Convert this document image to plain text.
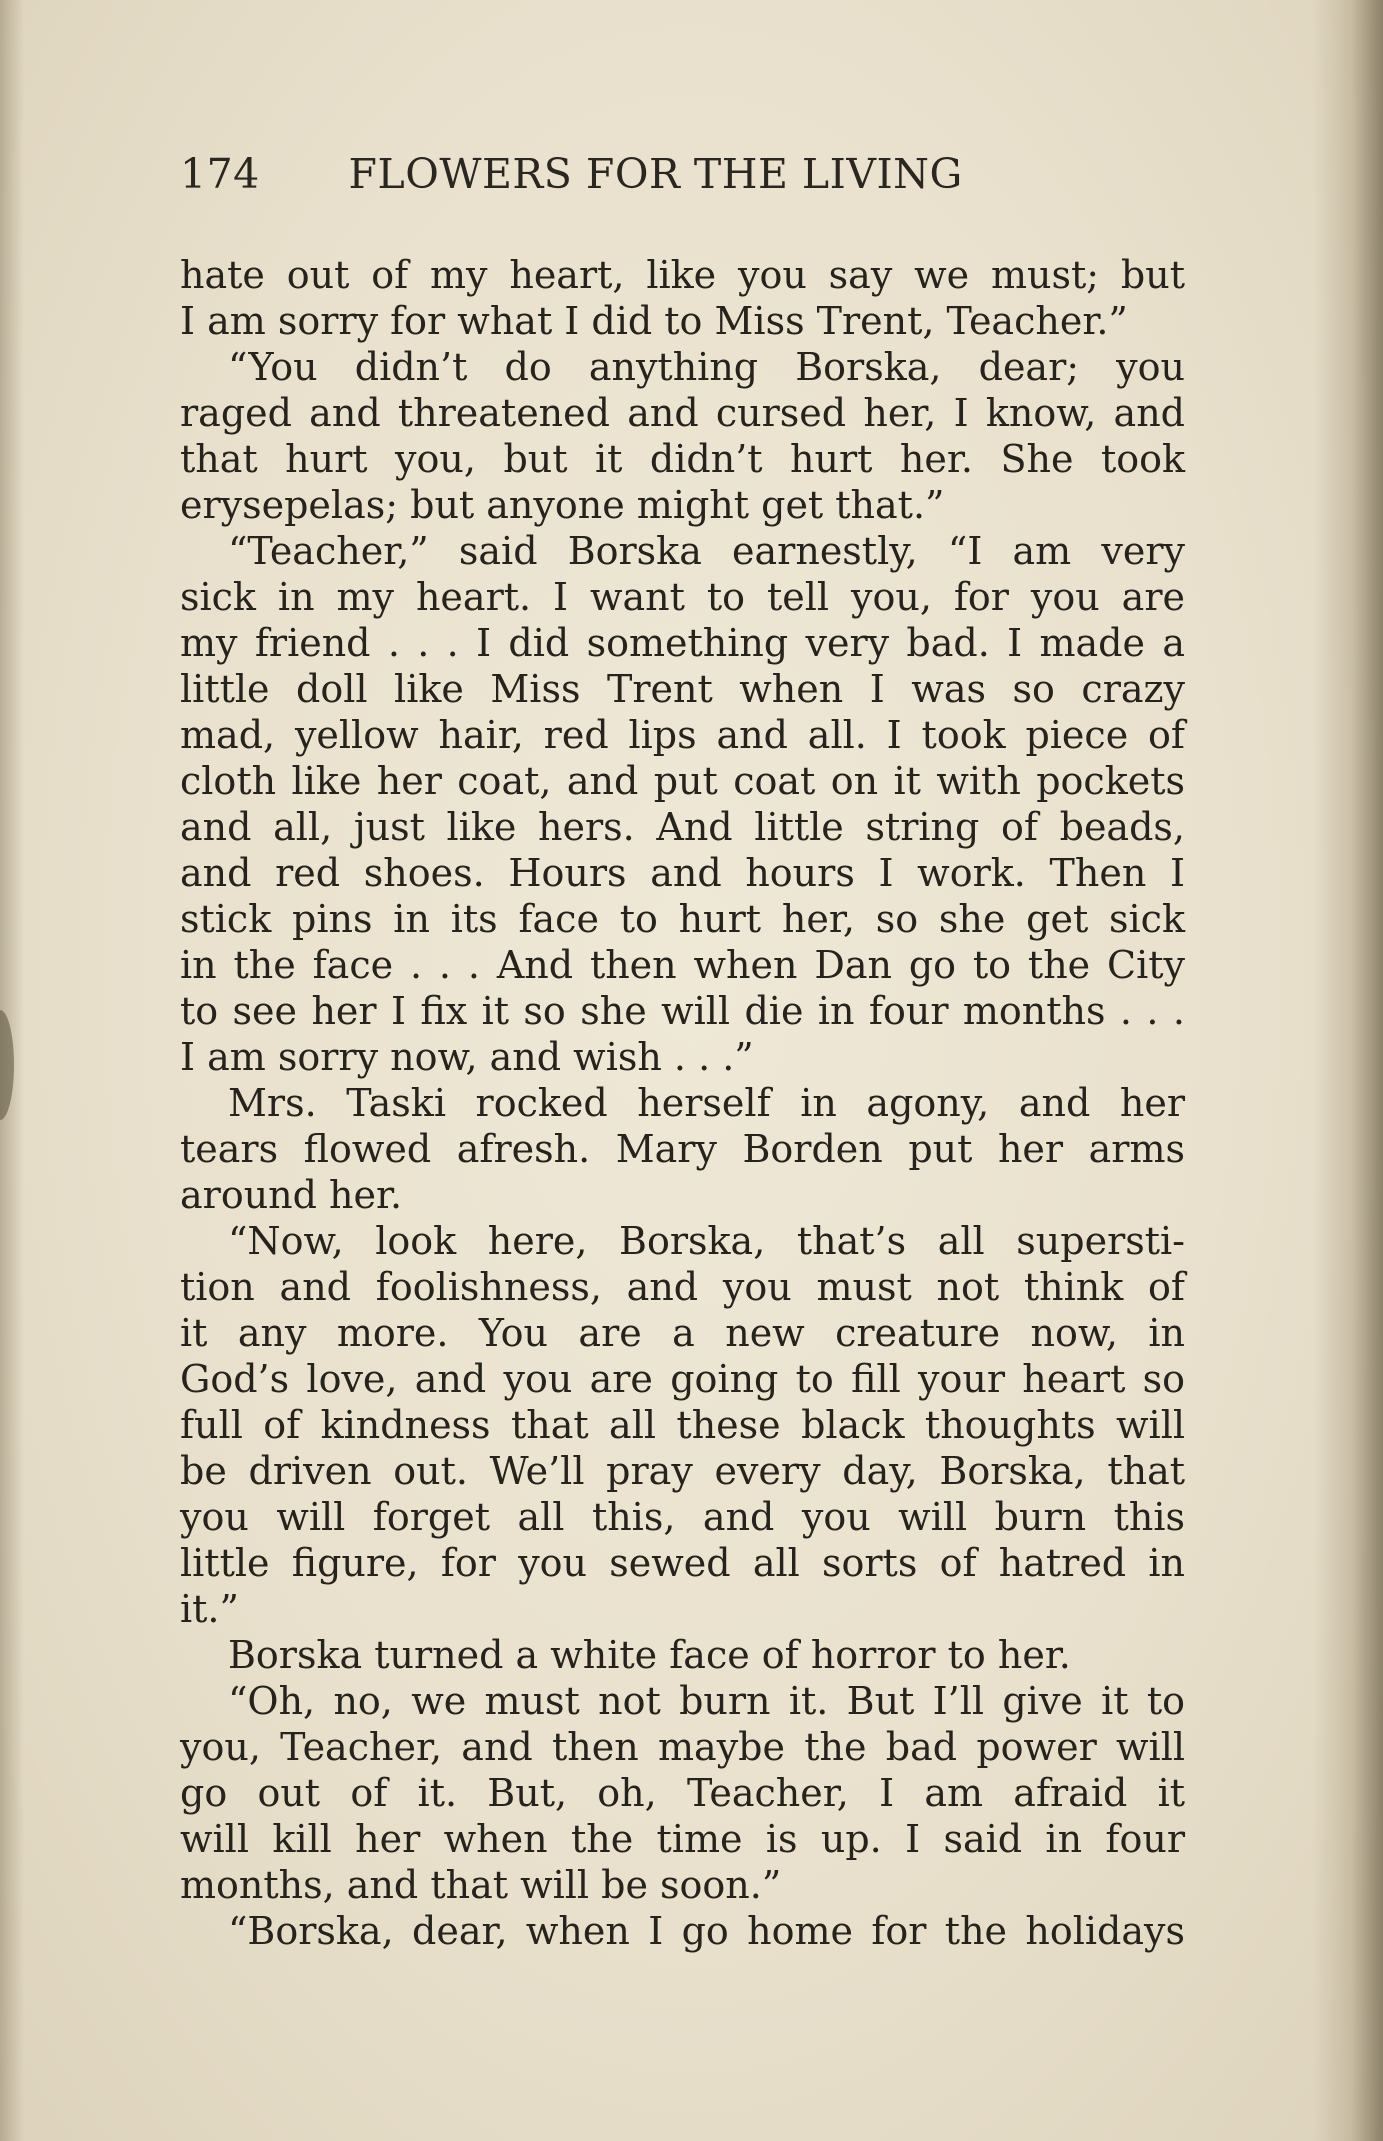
174 FLOWERS FOR THE LIVING
hate out of my heart, like you say we must; but
I am sorry for what I did to Miss Trent, Teacher.”
“You didn’t do anything Borska, dear; you
raged and threatened and cursed her, I know, and
that hurt you, but it didn’t hurt her. She took
erysepelas; but anyone might get that.”
“Teacher,” said Borska earnestly, “I am very
sick in my heart. I want to tell you, for you are
my friend . . . I did something very bad. I made a
little doll like Miss Trent when I was so crazy
mad, yellow hair, red lips and all. I took piece of
cloth like her coat, and put coat on it with pockets
and all, just like hers. And little string of beads,
and red shoes. Hours and hours I work. Then I
stick pins in its face to hurt her, so she get sick
in the face . . . And then when Dan go to the City
to see her I fix it so she will die in four months . . .
I am sorry now, and wish . . .”
Mrs. Taski rocked herself in agony, and her
tears flowed afresh. Mary Borden put her arms
around her.
“Now, look here, Borska, that’s all supersti-
tion and foolishness, and you must not think of
it any more. You are a new creature now, in
God’s love, and you are going to fill your heart so
full of kindness that all these black thoughts will
be driven out. We’ll pray every day, Borska, that
you will forget all this, and you will burn this
little figure, for you sewed all sorts of hatred in
it.”
Borska turned a white face of horror to her.
“Oh, no, we must not burn it. But I’ll give it to
you, Teacher, and then maybe the bad power will
go out of it. But, oh, Teacher, I am afraid it
will kill her when the time is up. I said in four
months, and that will be soon.”
“Borska, dear, when I go home for the holidays
